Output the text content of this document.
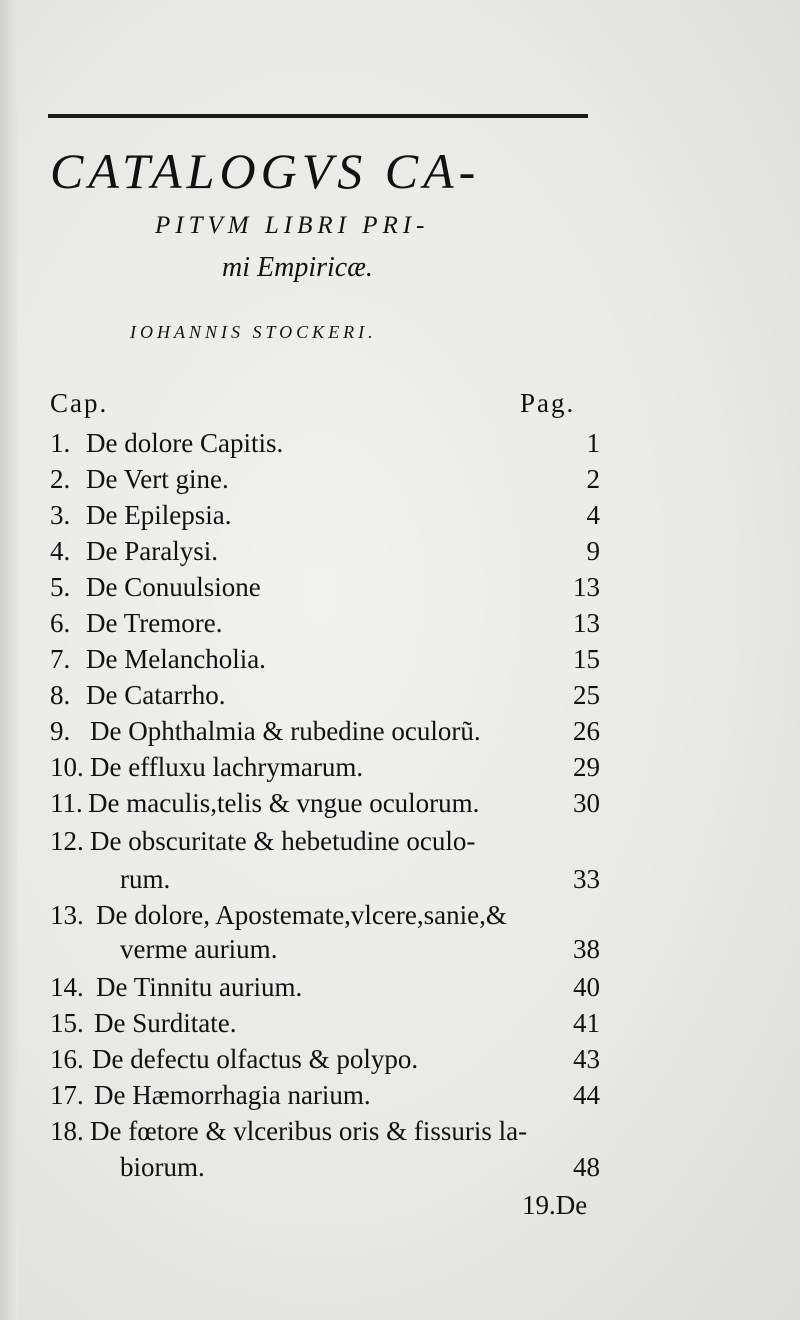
CATALOGVS CA-
PITVM LIBRI PRI-
mi Empiricæ.
IOHANNIS STOCKERI.
Cap.	Pag.
1. De dolore Capitis.	1
2. De Vert gine.	2
3. De Epilepsia.	4
4. De Paralysi.	9
5. De Conuulsione	13
6. De Tremore.	13
7. De Melancholia.	15
8. De Catarrho.	25
9. De Ophthalmia & rubedine oculorũ.	26
10. De effluxu lachrymarum.	29
11. De maculis,telis & vngue oculorum.	30
12. De obscuritate & hebetudine oculo-
rum.	33
13. De dolore, Apostemate,vlcere,sanie,&
verme aurium.	38
14. De Tinnitu aurium.	40
15. De Surditate.	41
16. De defectu olfactus & polypo.	43
17. De Hæmorrhagia narium.	44
18. De fœtore & vlceribus oris & fissuris la-
biorum.	48
19.De
